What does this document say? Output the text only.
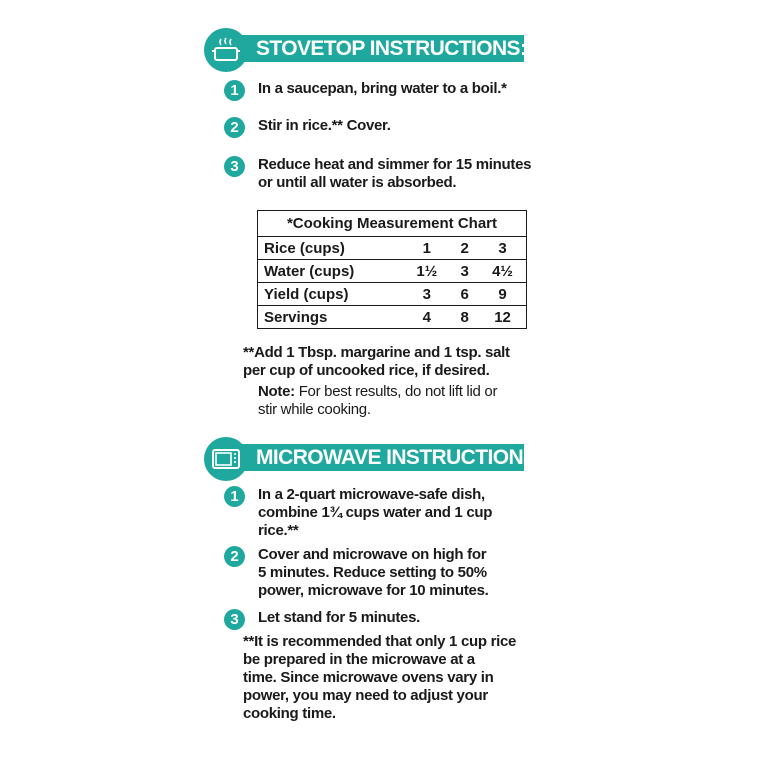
STOVETOP INSTRUCTIONS:
1	In a saucepan, bring water to a boil.*
2	Stir in rice.** Cover.
3	Reduce heat and simmer for 15 minutes
or until all water is absorbed.
*Cooking Measurement Chart			
Rice (cups)	1	2	3
Water (cups)	1½	3	4½
Yield (cups)	3	6	9
Servings	4	8	12
**Add 1 Tbsp. margarine and 1 tsp. salt
per cup of uncooked rice, if desired.
Note: For best results, do not lift lid or
stir while cooking.
MICROWAVE INSTRUCTIONS:
1	In a 2-quart microwave-safe dish,
combine 1¾ cups water and 1 cup
rice.**
2	Cover and microwave on high for
5 minutes. Reduce setting to 50%
power, microwave for 10 minutes.
3	Let stand for 5 minutes.
**It is recommended that only 1 cup rice
be prepared in the microwave at a
time. Since microwave ovens vary in
power, you may need to adjust your
cooking time.
